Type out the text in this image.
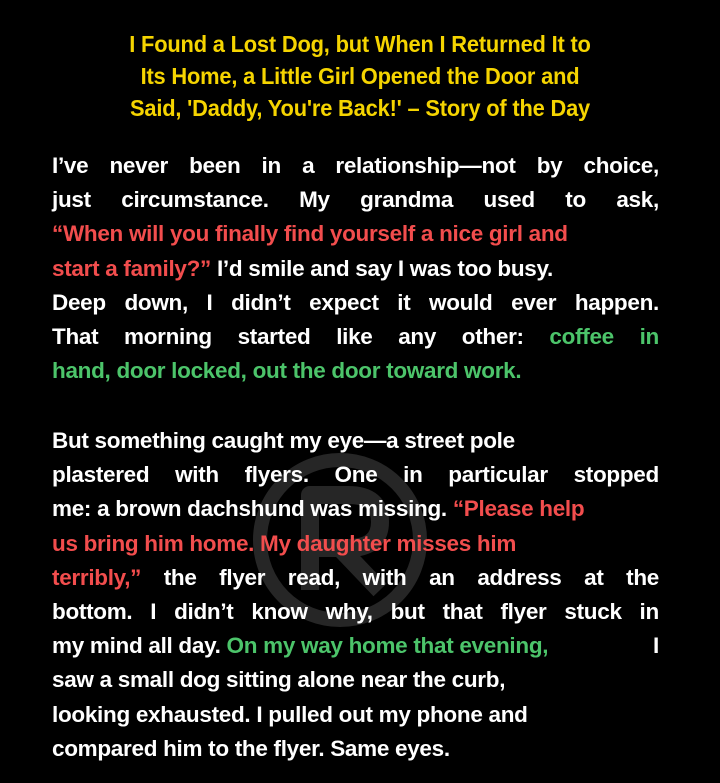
I Found a Lost Dog, but When I Returned It to
Its Home, a Little Girl Opened the Door and
Said, 'Daddy, You're Back!' – Story of the Day
I’ve never been in a relationship—not by choice,
just circumstance. My grandma used to ask,
“When will you finally find yourself a nice girl and
start a family?” I’d smile and say I was too busy.
Deep down, I didn’t expect it would ever happen.
That morning started like any other: coffee in
hand, door locked, out the door toward work.
But something caught my eye—a street pole
plastered with flyers. One in particular stopped
me: a brown dachshund was missing. “Please help
us bring him home. My daughter misses him
terribly,” the flyer read, with an address at the
bottom. I didn’t know why, but that flyer stuck in
my mind all day. On my way home that evening,	I
saw a small dog sitting alone near the curb,
looking exhausted. I pulled out my phone and
compared him to the flyer. Same eyes.
